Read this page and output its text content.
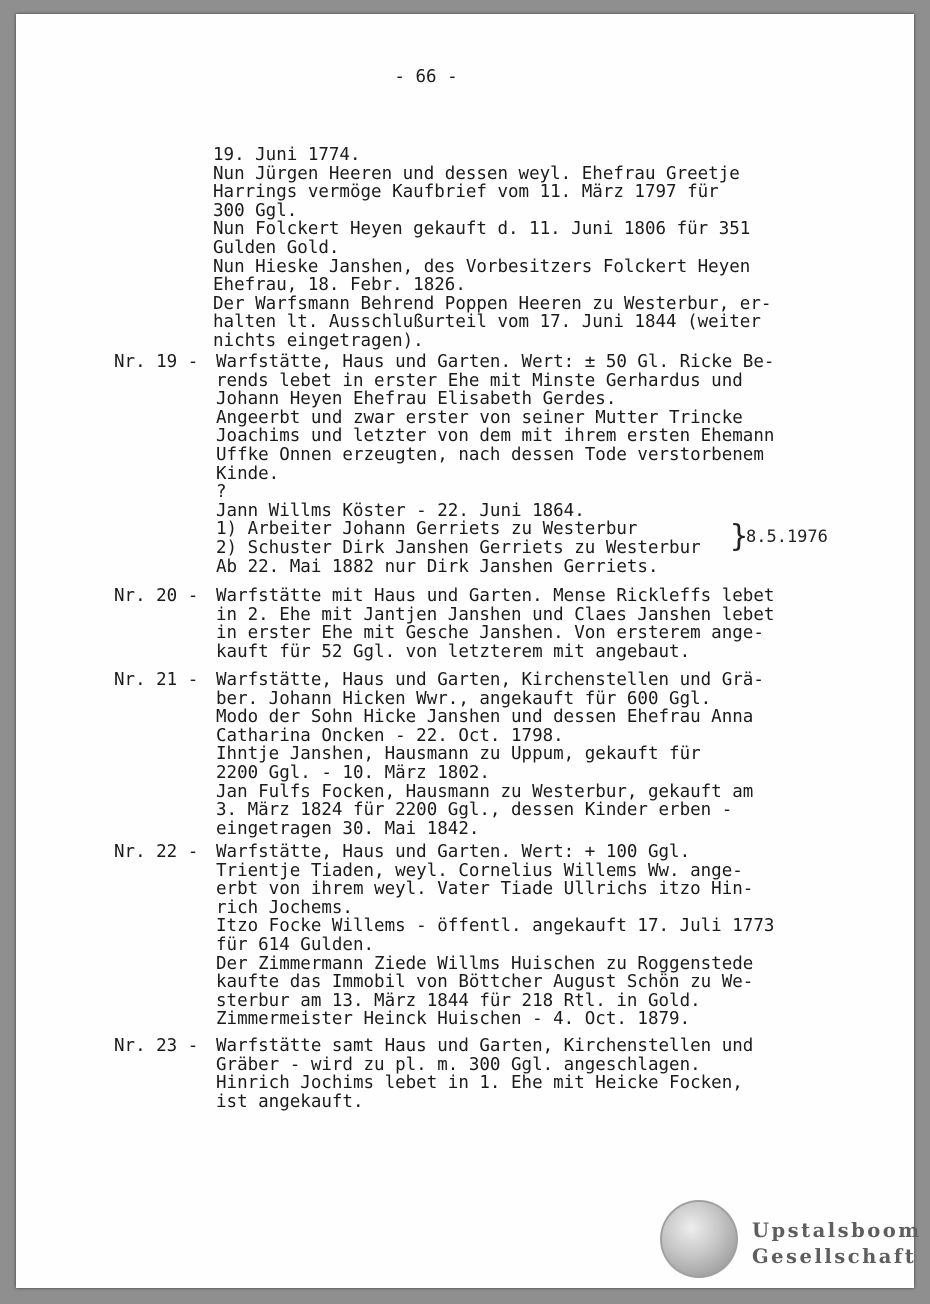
- 66 -
19. Juni 1774.
Nun Jürgen Heeren und dessen weyl. Ehefrau Greetje
Harrings vermöge Kaufbrief vom 11. März 1797 für
300 Ggl.
Nun Folckert Heyen gekauft d. 11. Juni 1806 für 351
Gulden Gold.
Nun Hieske Janshen, des Vorbesitzers Folckert Heyen
Ehefrau, 18. Febr. 1826.
Der Warfsmann Behrend Poppen Heeren zu Westerbur, er-
halten lt. Ausschlußurteil vom 17. Juni 1844 (weiter
nichts eingetragen).
Nr. 19 -	Warfstätte, Haus und Garten. Wert: ± 50 Gl. Ricke Be-
rends lebet in erster Ehe mit Minste Gerhardus und
Johann Heyen Ehefrau Elisabeth Gerdes.
Angeerbt und zwar erster von seiner Mutter Trincke
Joachims und letzter von dem mit ihrem ersten Ehemann
Uffke Onnen erzeugten, nach dessen Tode verstorbenem
Kinde.
?
Jann Willms Köster - 22. Juni 1864.
1) Arbeiter Johann Gerriets zu Westerbur
2) Schuster Dirk Janshen Gerriets zu Westerbur
Ab 22. Mai 1882 nur Dirk Janshen Gerriets.
}
8.5.1976
Nr. 20 -	Warfstätte mit Haus und Garten. Mense Rickleffs lebet
in 2. Ehe mit Jantjen Janshen und Claes Janshen lebet
in erster Ehe mit Gesche Janshen. Von ersterem ange-
kauft für 52 Ggl. von letzterem mit angebaut.
Nr. 21 -	Warfstätte, Haus und Garten, Kirchenstellen und Grä-
ber. Johann Hicken Wwr., angekauft für 600 Ggl.
Modo der Sohn Hicke Janshen und dessen Ehefrau Anna
Catharina Oncken - 22. Oct. 1798.
Ihntje Janshen, Hausmann zu Uppum, gekauft für
2200 Ggl. - 10. März 1802.
Jan Fulfs Focken, Hausmann zu Westerbur, gekauft am
3. März 1824 für 2200 Ggl., dessen Kinder erben -
eingetragen 30. Mai 1842.
Nr. 22 -	Warfstätte, Haus und Garten. Wert: + 100 Ggl.
Trientje Tiaden, weyl. Cornelius Willems Ww. ange-
erbt von ihrem weyl. Vater Tiade Ullrichs itzo Hin-
rich Jochems.
Itzo Focke Willems - öffentl. angekauft 17. Juli 1773
für 614 Gulden.
Der Zimmermann Ziede Willms Huischen zu Roggenstede
kaufte das Immobil von Böttcher August Schön zu We-
sterbur am 13. März 1844 für 218 Rtl. in Gold.
Zimmermeister Heinck Huischen - 4. Oct. 1879.
Nr. 23 -	Warfstätte samt Haus und Garten, Kirchenstellen und
Gräber - wird zu pl. m. 300 Ggl. angeschlagen.
Hinrich Jochims lebet in 1. Ehe mit Heicke Focken,
ist angekauft.
Upstalsboom
Gesellschaft
